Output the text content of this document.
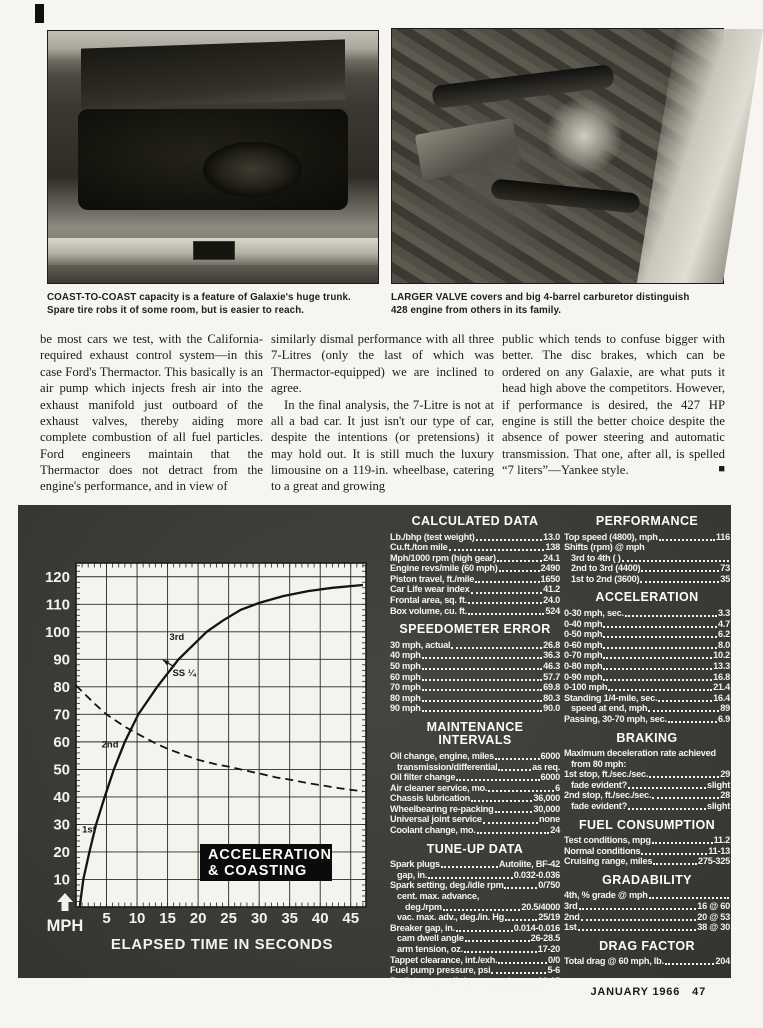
COAST-TO-COAST capacity is a feature of Galaxie's huge trunk. Spare tire robs it of some room, but is easier to reach.
LARGER VALVE covers and big 4-barrel carburetor distinguish 428 engine from others in its family.

be most cars we test, with the California-required exhaust control system—in this case Ford's Thermactor. This basically is an air pump which injects fresh air into the exhaust manifold just outboard of the exhaust valves, thereby aiding more complete combustion of all fuel particles. Ford engineers maintain that the Thermactor does not detract from the engine's performance, and in view of

similarly dismal performance with all three 7-Litres (only the last of which was Thermactor-equipped) we are inclined to agree.

In the final analysis, the 7-Litre is not at all a bad car. It just isn't our type of car, despite the intentions (or pretensions) it may hold out. It is still much the luxury limousine on a 119-in. wheelbase, catering to a great and growing

public which tends to confuse bigger with better. The disc brakes, which can be ordered on any Galaxie, are what puts it head high above the competitors. However, if performance is desired, the 427 HP engine is still the better choice despite the absence of power steering and automatic transmission. That one, after all, is spelled “7 liters”—Yankee style.	■

3rd
SS ¼
2nd
1st
ACCELERATION
& COASTING
10
20
30
40
50
60
70
80
90
100
110
120
5 10 15 20 25 30 35 40 45
MPH
ELAPSED TIME IN SECONDS
CALCULATED DATA
Lb./bhp (test weight)	13.0
Cu.ft./ton mile	138
Mph/1000 rpm (high gear)	24.1
Engine revs/mile (60 mph)	2490
Piston travel, ft./mile	1650
Car Life wear index	41.2
Frontal area, sq. ft.	24.0
Box volume, cu. ft.	524
SPEEDOMETER ERROR
30 mph, actual	26.8
40 mph	36.3
50 mph	46.3
60 mph	57.7
70 mph	69.8
80 mph	80.3
90 mph	90.0
MAINTENANCE INTERVALS
Oil change, engine, miles	6000
transmission/differential	as req.
Oil filter change	6000
Air cleaner service, mo.	6
Chassis lubrication	36,000
Wheelbearing re-packing	30,000
Universal joint service	none
Coolant change, mo.	24
TUNE-UP DATA
Spark plugs	Autolite, BF-42
gap, in.	0.032-0.036
Spark setting, deg./idle rpm	0/750
cent. max. advance,
deg./rpm	20.5/4000
vac. max. adv., deg./in. Hg	25/19
Breaker gap, in.	0.014-0.016
cam dwell angle	26-28.5
arm tension, oz.	17-20
Tappet clearance, int./exh.	0/0
Fuel pump pressure, psi	5-6
Radiator cap relief press., psi	12-15
PERFORMANCE
Top speed (4800), mph	116
Shifts (rpm) @ mph
3rd to 4th ( )
2nd to 3rd (4400)	73
1st to 2nd (3600)	35
ACCELERATION
0-30 mph, sec.	3.3
0-40 mph	4.7
0-50 mph	6.2
0-60 mph	8.0
0-70 mph	10.2
0-80 mph	13.3
0-90 mph	16.8
0-100 mph	21.4
Standing 1/4-mile, sec.	16.4
speed at end, mph	89
Passing, 30-70 mph, sec.	6.9
BRAKING
Maximum deceleration rate achieved
from 80 mph:
1st stop, ft./sec./sec.	29
fade evident?	slight
2nd stop, ft./sec./sec.	28
fade evident?	slight
FUEL CONSUMPTION
Test conditions, mpg	11.2
Normal conditions	11-13
Cruising range, miles	275-325
GRADABILITY
4th, % grade @ mph
3rd	16 @ 60
2nd	20 @ 53
1st	38 @ 30
DRAG FACTOR
Total drag @ 60 mph, lb.	204
JANUARY 1966 47
